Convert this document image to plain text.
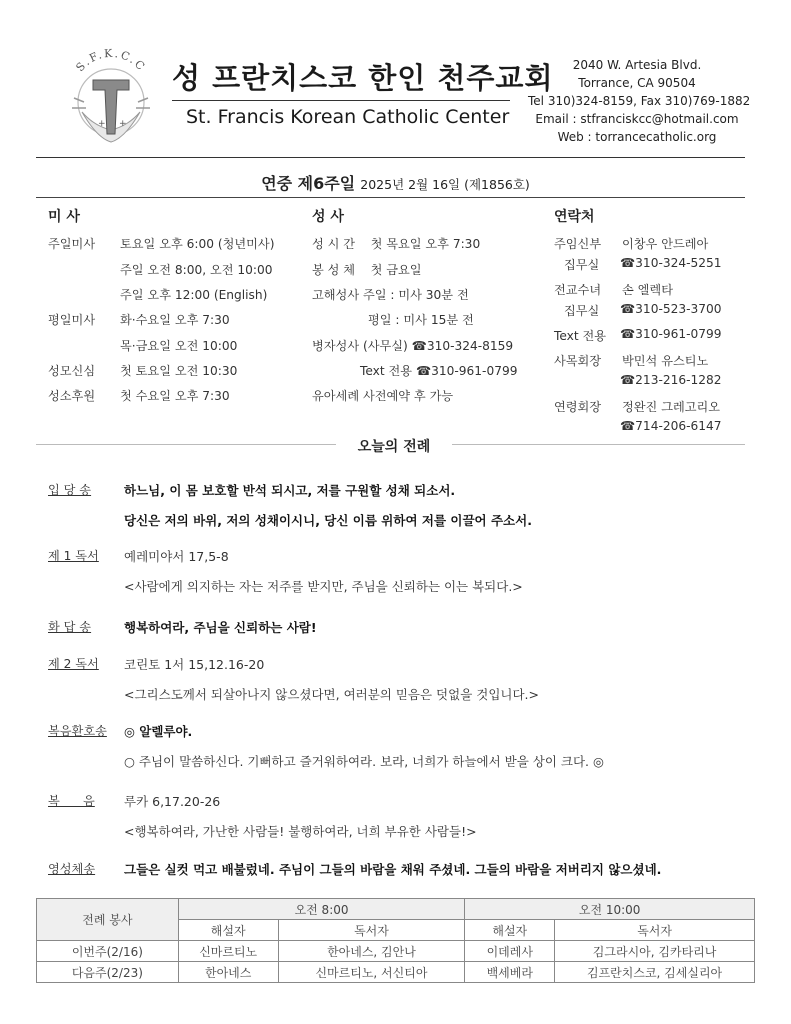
S.F.K.C.C
+ +
성 프란치스코 한인 천주교회
St. Francis Korean Catholic Center
2040 W. Artesia Blvd.
Torrance, CA 90504
Tel 310)324-8159, Fax 310)769-1882
Email : stfranciskcc@hotmail.com
Web : torrancecatholic.org
연중 제6주일 2025년 2월 16일 (제1856호)
미 사
주일미사 토요일 오후 6:00 (청년미사)
주일 오전 8:00, 오전 10:00
주일 오후 12:00 (English)
평일미사 화·수요일 오후 7:30
목·금요일 오전 10:00
성모신심 첫 토요일 오전 10:30
성소후원 첫 수요일 오후 7:30
성 사
성 시 간    첫 목요일 오후 7:30
봉 성 체    첫 금요일
고해성사 주일 : 미사 30분 전
평일 : 미사 15분 전
병자성사 (사무실) ☎310-324-8159
Text 전용 ☎310-961-0799
유아세례 사전예약 후 가능
연락처
주임신부 이창우 안드레아
집무실 ☎310-324-5251
전교수녀 손 엘렉타
집무실 ☎310-523-3700
Text 전용 ☎310-961-0799
사목회장 박민석 유스티노
☎213-216-1282
연령회장 정완진 그레고리오
☎714-206-6147
오늘의 전례
입 당 송	하느님, 이 몸 보호할 반석 되시고, 저를 구원할 성채 되소서.
당신은 저의 바위, 저의 성채이시니, 당신 이름 위하여 저를 이끌어 주소서.
제 1 독서 예레미야서 17,5-8
<사람에게 의지하는 자는 저주를 받지만, 주님을 신뢰하는 이는 복되다.>
화 답 송	행복하여라, 주님을 신뢰하는 사람!
제 2 독서 코린토 1서 15,12.16-20
<그리스도께서 되살아나지 않으셨다면, 여러분의 믿음은 덧없을 것입니다.>
복음환호송 ◎ 알렐루야.
○ 주님이 말씀하신다. 기뻐하고 즐거워하여라. 보라, 너희가 하늘에서 받을 상이 크다. ◎
복      음 루카 6,17.20-26
<행복하여라, 가난한 사람들! 불행하여라, 너희 부유한 사람들!>
영성체송 그들은 실컷 먹고 배불렀네. 주님이 그들의 바람을 채워 주셨네. 그들의 바람을 저버리지 않으셨네.
전례 봉사	오전 8:00		오전 10:00	
	해설자	독서자	해설자	독서자
이번주(2/16)	신마르티노	한아네스, 김안나	이데레사	김그라시아, 김카타리나
다음주(2/23)	한아네스	신마르티노, 서신티아	백세베라	김프란치스코, 김세실리아
